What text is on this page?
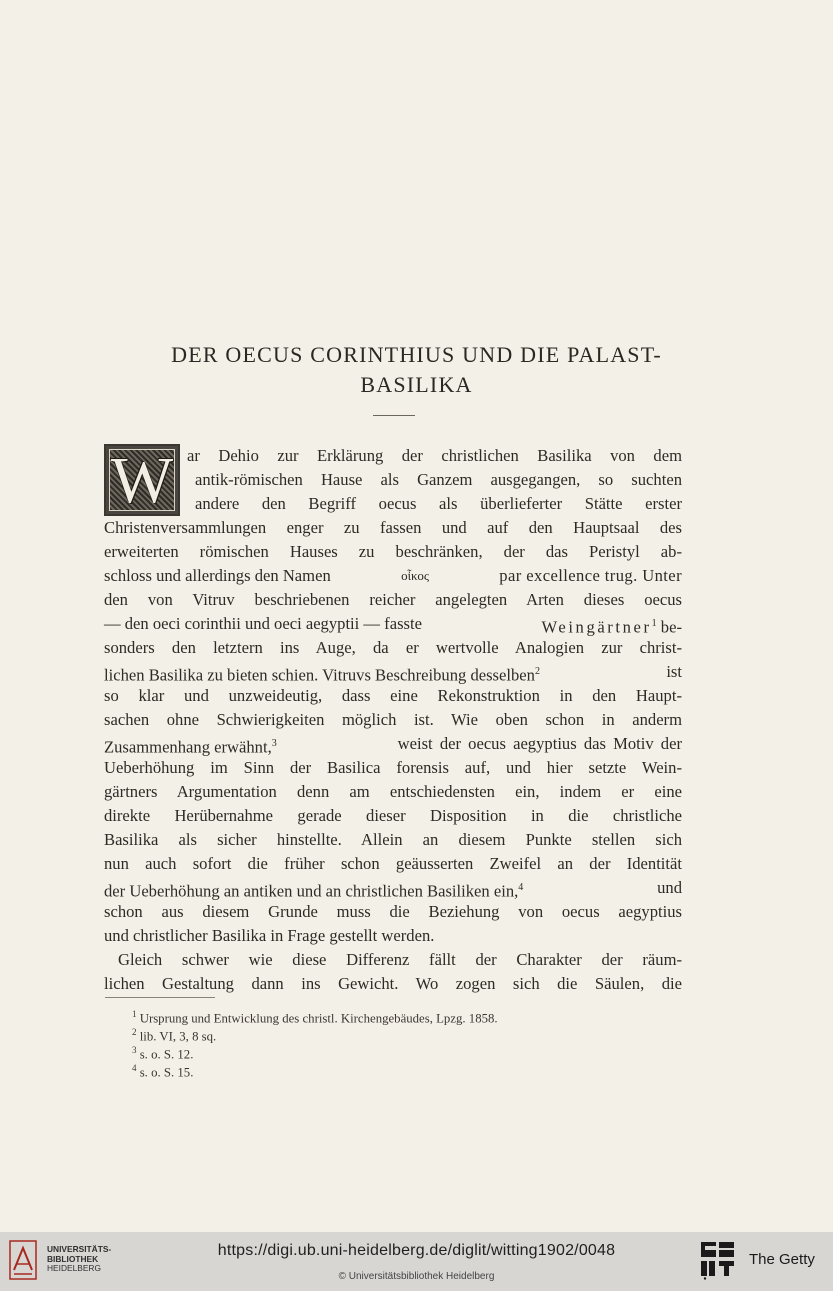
DER OECUS CORINTHIUS UND DIE PALAST-
BASILIKA
W ar Dehio zur Erklärung der christlichen Basilika von dem
antik-römischen Hause als Ganzem ausgegangen, so suchten
andere den Begriff oecus als überlieferter Stätte erster
Christenversammlungen enger zu fassen und auf den Hauptsaal des
erweiterten römischen Hauses zu beschränken, der das Peristyl ab-
schloss und allerdings den Namen	οἶκος	par excellence trug. Unter
den von Vitruv beschriebenen reicher angelegten Arten dieses oecus
— den oeci corinthii und oeci aegyptii — fasste	Weingärtner$^1$ be-
sonders den letztern ins Auge, da er wertvolle Analogien zur christ-
lichen Basilika zu bieten schien. Vitruvs Beschreibung desselben$^2$	ist
so klar und unzweideutig, dass eine Rekonstruktion in den Haupt-
sachen ohne Schwierigkeiten möglich ist. Wie oben schon in anderm
Zusammenhang erwähnt,$^3$	weist der oecus aegyptius das Motiv der
Ueberhöhung im Sinn der Basilica forensis auf, und hier setzte Wein-
gärtners Argumentation denn am entschiedensten ein, indem er eine
direkte Herübernahme gerade dieser Disposition in die christliche
Basilika als sicher hinstellte. Allein an diesem Punkte stellen sich
nun auch sofort die früher schon geäusserten Zweifel an der Identität
der Ueberhöhung an antiken und an christlichen Basiliken ein,$^4$	und
schon aus diesem Grunde muss die Beziehung von oecus aegyptius
und christlicher Basilika in Frage gestellt werden.
Gleich schwer wie diese Differenz fällt der Charakter der räum-
lichen Gestaltung dann ins Gewicht. Wo zogen sich die Säulen, die
$^1$ Ursprung und Entwicklung des christl. Kirchengebäudes, Lpzg. 1858.
$^2$ lib. VI, 3, 8 sq.
$^3$ s. o. S. 12.
$^4$ s. o. S. 15.
UNIVERSITÄTS-
BIBLIOTHEK
HEIDELBERG
https://digi.ub.uni-heidelberg.de/diglit/witting1902/0048
© Universitätsbibliothek Heidelberg
The Getty
